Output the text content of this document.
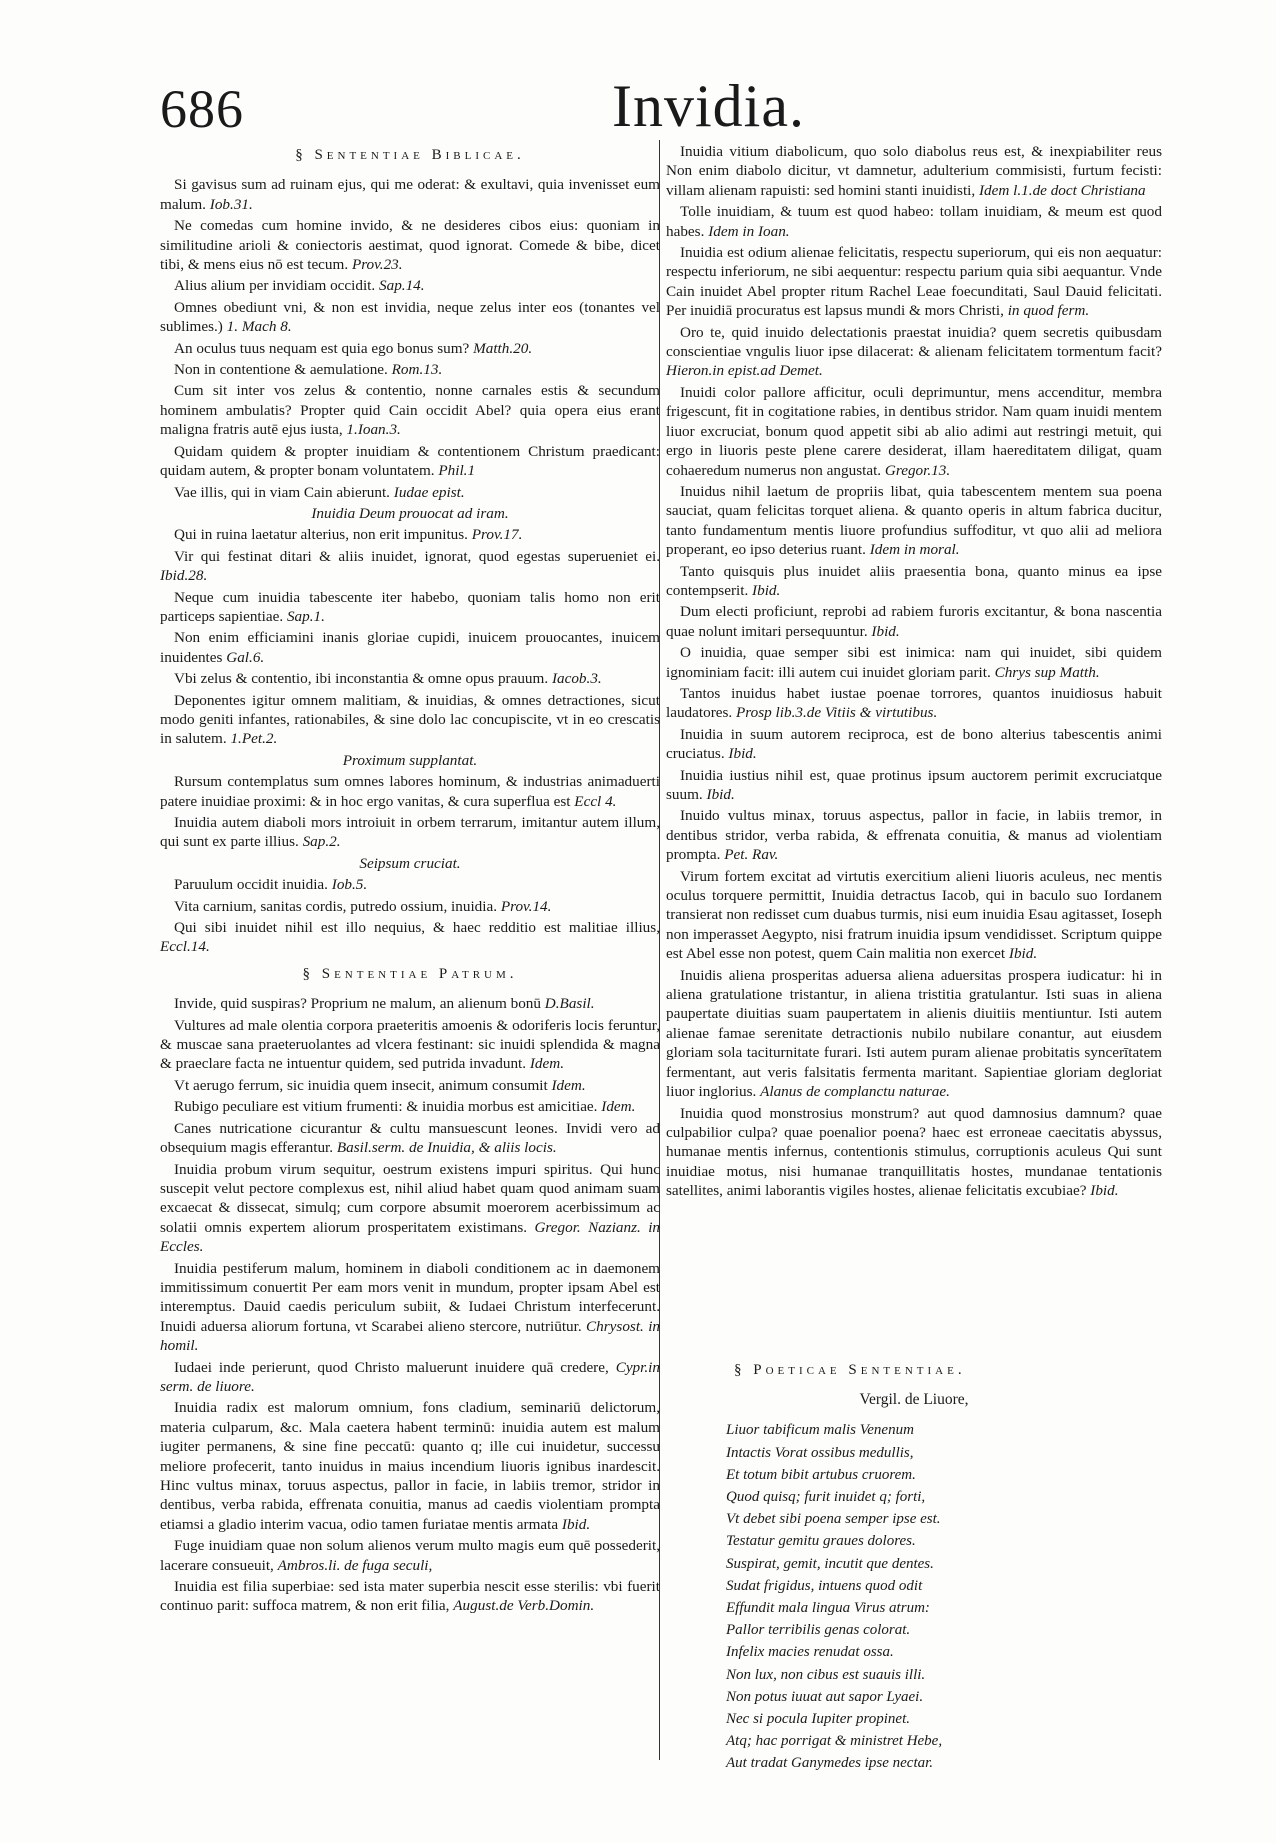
686	Invidia.
§ Sententiae Biblicae.
Si gavisus sum ad ruinam ejus, qui me oderat: & exultavi, quia invenisset eum malum. Iob.31.
Ne comedas cum homine invido, & ne desideres cibos eius: quoniam in similitudine arioli & coniectoris aestimat, quod ignorat. Comede & bibe, dicet tibi, & mens eius nō est tecum. Prov.23.
Alius alium per invidiam occidit. Sap.14.
Omnes obediunt vni, & non est invidia, neque zelus inter eos (tonantes vel sublimes.) 1. Mach 8.
An oculus tuus nequam est quia ego bonus sum? Matth.20.
Non in contentione & aemulatione. Rom.13.
Cum sit inter vos zelus & contentio, nonne carnales estis & secundum hominem ambulatis? Propter quid Cain occidit Abel? quia opera eius erant maligna fratris autē ejus iusta, 1.Ioan.3.
Quidam quidem & propter inuidiam & contentionem Christum praedicant: quidam autem, & propter bonam voluntatem. Phil.1
Vae illis, qui in viam Cain abierunt. Iudae epist.
Inuidia Deum prouocat ad iram.
Qui in ruina laetatur alterius, non erit impunitus. Prov.17.
Vir qui festinat ditari & aliis inuidet, ignorat, quod egestas superueniet ei. Ibid.28.
Neque cum inuidia tabescente iter habebo, quoniam talis homo non erit particeps sapientiae. Sap.1.
Non enim efficiamini inanis gloriae cupidi, inuicem prouocantes, inuicem inuidentes Gal.6.
Vbi zelus & contentio, ibi inconstantia & omne opus prauum. Iacob.3.
Deponentes igitur omnem malitiam, & inuidias, & omnes detractiones, sicut modo geniti infantes, rationabiles, & sine dolo lac concupiscite, vt in eo crescatis in salutem. 1.Pet.2.
Proximum supplantat.
Rursum contemplatus sum omnes labores hominum, & industrias animaduerti patere inuidiae proximi: & in hoc ergo vanitas, & cura superflua est Eccl 4.
Inuidia autem diaboli mors introiuit in orbem terrarum, imitantur autem illum, qui sunt ex parte illius. Sap.2.
Seipsum cruciat.
Paruulum occidit inuidia. Iob.5.
Vita carnium, sanitas cordis, putredo ossium, inuidia. Prov.14.
Qui sibi inuidet nihil est illo nequius, & haec redditio est malitiae illius, Eccl.14.
§ Sententiae Patrum.
Invide, quid suspiras? Proprium ne malum, an alienum bonū D.Basil.
Vultures ad male olentia corpora praeteritis amoenis & odoriferis locis feruntur, & muscae sana praeteruolantes ad vlcera festinant: sic inuidi splendida & magna & praeclare facta ne intuentur quidem, sed putrida invadunt. Idem.
Vt aerugo ferrum, sic inuidia quem insecit, animum consumit Idem.
Rubigo peculiare est vitium frumenti: & inuidia morbus est amicitiae. Idem.
Canes nutricatione cicurantur & cultu mansuescunt leones. Invidi vero ad obsequium magis efferantur. Basil.serm. de Inuidia, & aliis locis.
Inuidia probum virum sequitur, oestrum existens impuri spiritus. Qui hunc suscepit velut pectore complexus est, nihil aliud habet quam quod animam suam excaecat & dissecat, simulq; cum corpore absumit moerorem acerbissimum ac solatii omnis expertem aliorum prosperitatem existimans. Gregor. Nazianz. in Eccles.
Inuidia pestiferum malum, hominem in diaboli conditionem ac in daemonem immitissimum conuertit Per eam mors venit in mundum, propter ipsam Abel est interemptus. Dauid caedis periculum subiit, & Iudaei Christum interfecerunt. Inuidi aduersa aliorum fortuna, vt Scarabei alieno stercore, nutriūtur. Chrysost. in homil.
Iudaei inde perierunt, quod Christo maluerunt inuidere quā credere, Cypr.in serm. de liuore.
Inuidia radix est malorum omnium, fons cladium, seminariū delictorum, materia culparum, &c. Mala caetera habent terminū: inuidia autem est malum iugiter permanens, & sine fine peccatū: quanto q; ille cui inuidetur, successu meliore profecerit, tanto inuidus in maius incendium liuoris ignibus inardescit. Hinc vultus minax, toruus aspectus, pallor in facie, in labiis tremor, stridor in dentibus, verba rabida, effrenata conuitia, manus ad caedis violentiam prompta etiamsi a gladio interim vacua, odio tamen furiatae mentis armata Ibid.
Fuge inuidiam quae non solum alienos verum multo magis eum quē possederit, lacerare consueuit, Ambros.li. de fuga seculi,
Inuidia est filia superbiae: sed ista mater superbia nescit esse sterilis: vbi fuerit continuo parit: suffoca matrem, & non erit filia, August.de Verb.Domin.
Inuidia vitium diabolicum, quo solo diabolus reus est, & inexpiabiliter reus Non enim diabolo dicitur, vt damnetur, adulterium commisisti, furtum fecisti: villam alienam rapuisti: sed homini stanti inuidisti, Idem l.1.de doct Christiana
Tolle inuidiam, & tuum est quod habeo: tollam inuidiam, & meum est quod habes. Idem in Ioan.
Inuidia est odium alienae felicitatis, respectu superiorum, qui eis non aequatur: respectu inferiorum, ne sibi aequentur: respectu parium quia sibi aequantur. Vnde Cain inuidet Abel propter ritum Rachel Leae foecunditati, Saul Dauid felicitati. Per inuidiā procuratus est lapsus mundi & mors Christi, in quod ferm.
Oro te, quid inuido delectationis praestat inuidia? quem secretis quibusdam conscientiae vngulis liuor ipse dilacerat: & alienam felicitatem tormentum facit? Hieron.in epist.ad Demet.
Inuidi color pallore afficitur, oculi deprimuntur, mens accenditur, membra frigescunt, fit in cogitatione rabies, in dentibus stridor. Nam quam inuidi mentem liuor excruciat, bonum quod appetit sibi ab alio adimi aut restringi metuit, qui ergo in liuoris peste plene carere desiderat, illam haereditatem diligat, quam cohaeredum numerus non angustat. Gregor.13.
Inuidus nihil laetum de propriis libat, quia tabescentem mentem sua poena sauciat, quam felicitas torquet aliena. & quanto operis in altum fabrica ducitur, tanto fundamentum mentis liuore profundius suffoditur, vt quo alii ad meliora properant, eo ipso deterius ruant. Idem in moral.
Tanto quisquis plus inuidet aliis praesentia bona, quanto minus ea ipse contempserit. Ibid.
Dum electi proficiunt, reprobi ad rabiem furoris excitantur, & bona nascentia quae nolunt imitari persequuntur. Ibid.
O inuidia, quae semper sibi est inimica: nam qui inuidet, sibi quidem ignominiam facit: illi autem cui inuidet gloriam parit. Chrys sup Matth.
Tantos inuidus habet iustae poenae torrores, quantos inuidiosus habuit laudatores. Prosp lib.3.de Vitiis & virtutibus.
Inuidia in suum autorem reciproca, est de bono alterius tabescentis animi cruciatus. Ibid.
Inuidia iustius nihil est, quae protinus ipsum auctorem perimit excruciatque suum. Ibid.
Inuido vultus minax, toruus aspectus, pallor in facie, in labiis tremor, in dentibus stridor, verba rabida, & effrenata conuitia, & manus ad violentiam prompta. Pet. Rav.
Virum fortem excitat ad virtutis exercitium alieni liuoris aculeus, nec mentis oculus torquere permittit, Inuidia detractus Iacob, qui in baculo suo Iordanem transierat non redisset cum duabus turmis, nisi eum inuidia Esau agitasset, Ioseph non imperasset Aegypto, nisi fratrum inuidia ipsum vendidisset. Scriptum quippe est Abel esse non potest, quem Cain malitia non exercet Ibid.
Inuidis aliena prosperitas aduersa aliena aduersitas prospera iudicatur: hi in aliena gratulatione tristantur, in aliena tristitia gratulantur. Isti suas in aliena paupertate diuitias suam paupertatem in alienis diuitiis mentiuntur. Isti autem alienae famae serenitate detractionis nubilo nubilare conantur, aut eiusdem gloriam sola taciturnitate furari. Isti autem puram alienae probitatis syncerītatem fermentant, aut veris falsitatis fermenta maritant. Sapientiae gloriam degloriat liuor inglorius. Alanus de complanctu naturae.
Inuidia quod monstrosius monstrum? aut quod damnosius damnum? quae culpabilior culpa? quae poenalior poena? haec est erroneae caecitatis abyssus, humanae mentis infernus, contentionis stimulus, corruptionis aculeus Qui sunt inuidiae motus, nisi humanae tranquillitatis hostes, mundanae tentationis satellites, animi laborantis vigiles hostes, alienae felicitatis excubiae? Ibid.
§ Poeticae Sententiae.
Vergil. de Liuore,
Liuor tabificum malis Venenum
Intactis Vorat ossibus medullis,
Et totum bibit artubus cruorem.
Quod quisq; furit inuidet q; forti,
Vt debet sibi poena semper ipse est.
Testatur gemitu graues dolores.
Suspirat, gemit, incutit que dentes.
Sudat frigidus, intuens quod odit
Effundit mala lingua Virus atrum:
Pallor terribilis genas colorat.
Infelix macies renudat ossa.
Non lux, non cibus est suauis illi.
Non potus iuuat aut sapor Lyaei.
Nec si pocula Iupiter propinet.
Atq; hac porrigat & ministret Hebe,
Aut tradat Ganymedes ipse nectar.
